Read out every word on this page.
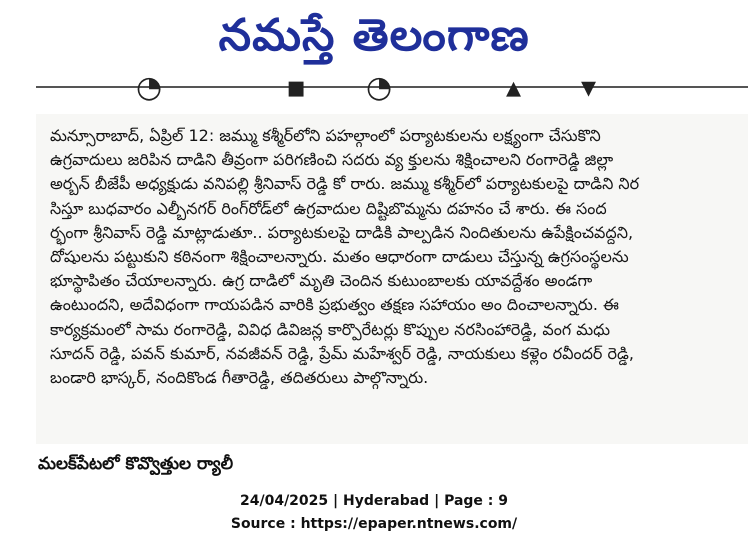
నమస్తే తెలంగాణ
◔	▪ ◔	▴ ▾
మన్సూరాబాద్, ఏప్రిల్ 12: జమ్ము కశ్మీర్‌లోని పహల్గాంలో పర్యాటకులను లక్ష్యంగా చేసుకొని
ఉగ్రవాదులు జరిపిన దాడిని తీవ్రంగా పరిగణించి సదరు వ్య క్తులను శిక్షించాలని రంగారెడ్డి జిల్లా
అర్బన్ బీజేపీ అధ్యక్షుడు వనిపల్లి శ్రీనివాస్ రెడ్డి కో రారు. జమ్ము కశ్మీర్‌లో పర్యాటకులపై దాడిని నిర
సిస్తూ బుధవారం ఎల్బీనగర్ రింగ్‌రోడ్‌లో ఉగ్రవాదుల దిష్టిబొమ్మను దహనం చే శారు. ఈ సంద
ర్భంగా శ్రీనివాస్ రెడ్డి మాట్లాడుతూ.. పర్యాటకులపై దాడికి పాల్పడిన నిందితులను ఉపేక్షించవద్దని,
దోషులను పట్టుకుని కఠినంగా శిక్షించాలన్నారు. మతం ఆధారంగా దాడులు చేస్తున్న ఉగ్రసంస్థలను
భూస్థాపితం చేయాలన్నారు. ఉగ్ర దాడిలో మృతి చెందిన కుటుంబాలకు యావద్దేశం అండగా
ఉంటుందని, అదేవిధంగా గాయపడిన వారికి ప్రభుత్వం తక్షణ సహాయం అం దించాలన్నారు. ఈ
కార్యక్రమంలో సామ రంగారెడ్డి, వివిధ డివిజన్ల కార్పొరేటర్లు కొప్పుల నరసింహారెడ్డి, వంగ మధు
సూదన్ రెడ్డి, పవన్ కుమార్, నవజీవన్ రెడ్డి, ప్రేమ్ మహేశ్వర్ రెడ్డి, నాయకులు కళ్లెం రవీందర్ రెడ్డి,
బండారి భాస్కర్, నందికొండ గీతారెడ్డి, తదితరులు పాల్గొన్నారు.
మలక్‌పేటలో కొవ్వొత్తుల ర్యాలీ
24/04/2025 | Hyderabad | Page : 9
Source : https://epaper.ntnews.com/
